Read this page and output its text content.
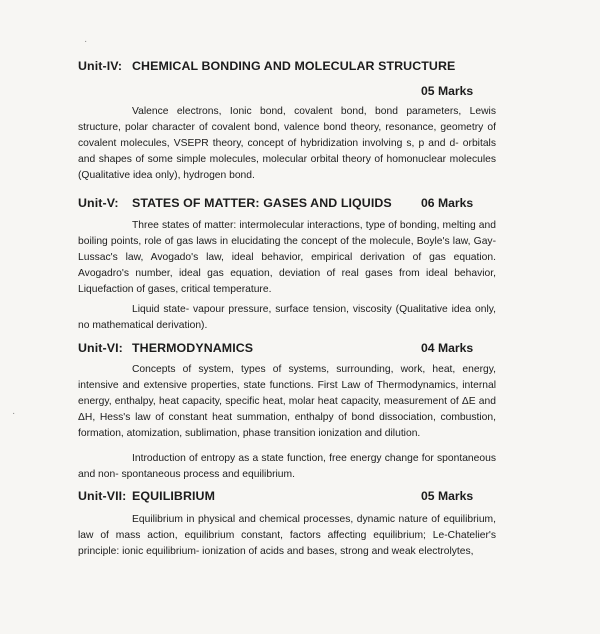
·
Unit-IV: CHEMICAL BONDING AND MOLECULAR STRUCTURE
05 Marks

Valence electrons, Ionic bond, covalent bond, bond parameters, Lewis structure, polar character of covalent bond, valence bond theory, resonance, geometry of covalent molecules, VSEPR theory, concept of hybridization involving s, p and d- orbitals and shapes of some simple molecules, molecular orbital theory of homonuclear molecules (Qualitative idea only), hydrogen bond.

Unit-V: STATES OF MATTER: GASES AND LIQUIDS	06 Marks

Three states of matter: intermolecular interactions, type of bonding, melting and boiling points, role of gas laws in elucidating the concept of the molecule, Boyle's law, Gay- Lussac's law, Avogado's law, ideal behavior, empirical derivation of gas equation. Avogadro's number, ideal gas equation, deviation of real gases from ideal behavior, Liquefaction of gases, critical temperature.

Liquid state- vapour pressure, surface tension, viscosity (Qualitative idea only, no mathematical derivation).

Unit-VI: THERMODYNAMICS	04 Marks

Concepts of system, types of systems, surrounding, work, heat, energy, intensive and extensive properties, state functions. First Law of Thermodynamics, internal energy, enthalpy, heat capacity, specific heat, molar heat capacity, measurement of ΔE and ΔH, Hess's law of constant heat summation, enthalpy of bond dissociation, combustion, formation, atomization, sublimation, phase transition ionization and dilution.

Introduction of entropy as a state function, free energy change for spontaneous and non- spontaneous process and equilibrium.

·
Unit-VII: EQUILIBRIUM	05 Marks

Equilibrium in physical and chemical processes, dynamic nature of equilibrium, law of mass action, equilibrium constant, factors affecting equilibrium; Le-Chatelier's principle: ionic equilibrium- ionization of acids and bases, strong and weak electrolytes,
